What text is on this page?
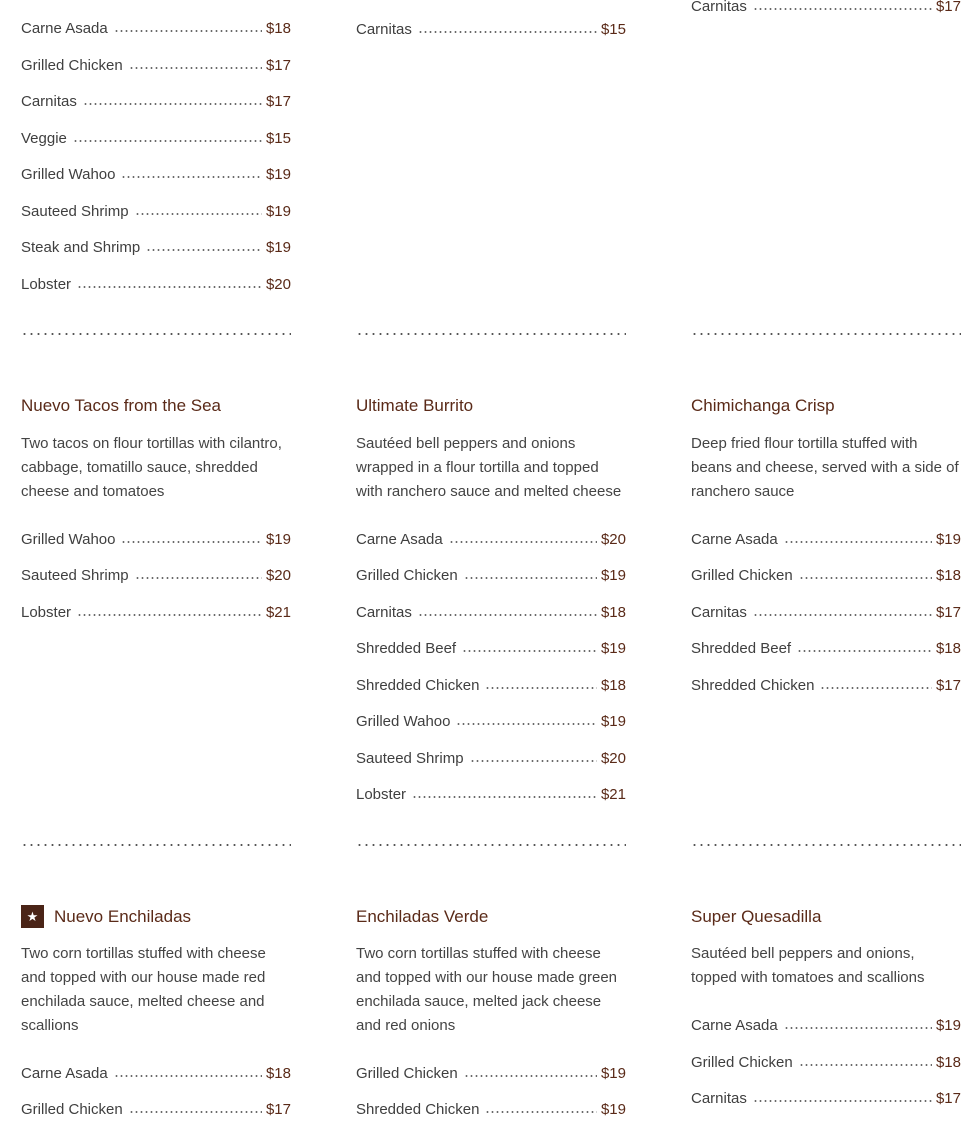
Carne Asada	$18
Grilled Chicken	$17
Carnitas	$17
Veggie	$15
Grilled Wahoo	$19
Sauteed Shrimp	$19
Steak and Shrimp	$19
Lobster	$20
Carnitas	$15
Carnitas	$17
Nuevo Tacos from the Sea
Two tacos on flour tortillas with cilantro, cabbage, tomatillo sauce, shredded cheese and tomatoes
Grilled Wahoo	$19
Sauteed Shrimp	$20
Lobster	$21
Ultimate Burrito
Sautéed bell peppers and onions wrapped in a flour tortilla and topped with ranchero sauce and melted cheese
Carne Asada	$20
Grilled Chicken	$19
Carnitas	$18
Shredded Beef	$19
Shredded Chicken	$18
Grilled Wahoo	$19
Sauteed Shrimp	$20
Lobster	$21
Chimichanga Crisp
Deep fried flour tortilla stuffed with beans and cheese, served with a side of ranchero sauce
Carne Asada	$19
Grilled Chicken	$18
Carnitas	$17
Shredded Beef	$18
Shredded Chicken	$17
★ Nuevo Enchiladas
Two corn tortillas stuffed with cheese and topped with our house made red enchilada sauce, melted cheese and scallions
Carne Asada	$18
Grilled Chicken	$17
Enchiladas Verde
Two corn tortillas stuffed with cheese and topped with our house made green enchilada sauce, melted jack cheese and red onions
Grilled Chicken	$19
Shredded Chicken	$19
Super Quesadilla
Sautéed bell peppers and onions, topped with tomatoes and scallions
Carne Asada	$19
Grilled Chicken	$18
Carnitas	$17
